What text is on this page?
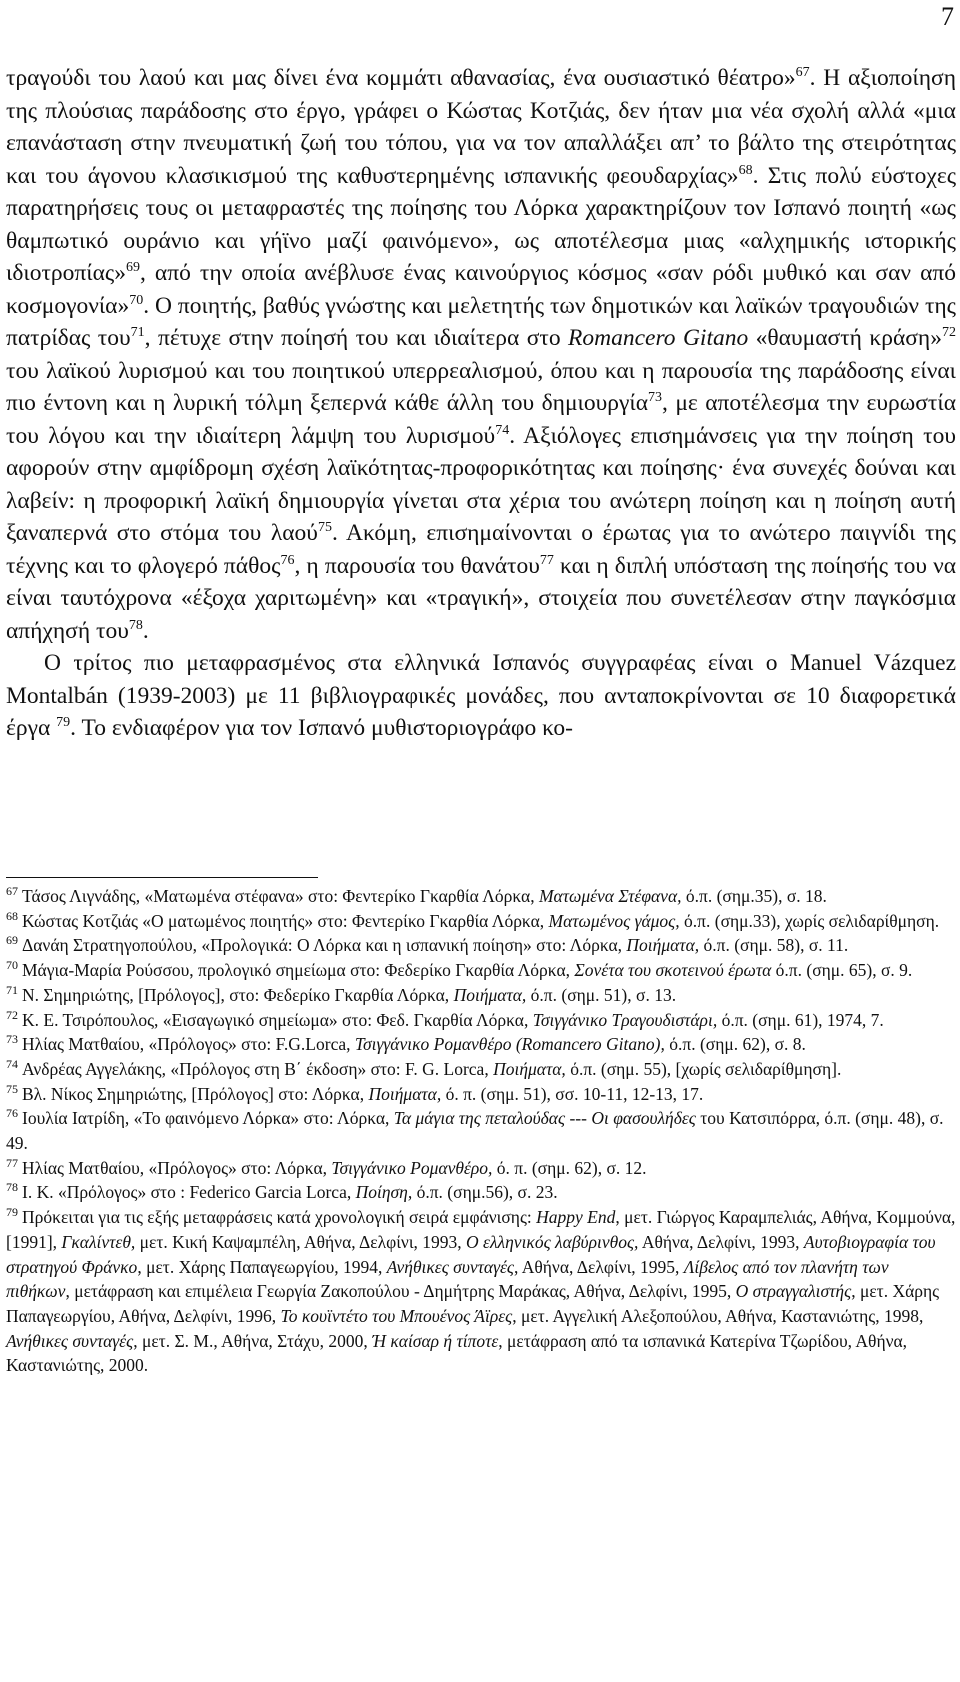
7

τραγούδι του λαού και μας δίνει ένα κομμάτι αθανασίας, ένα ουσιαστικό θέατρο»$^{67}$. Η αξιοποίηση της πλούσιας παράδοσης στο έργο, γράφει ο Κώστας Κοτζιάς, δεν ήταν μια νέα σχολή αλλά «μια επανάσταση στην πνευματική ζωή του τόπου, για να τον απαλλάξει απ’ το βάλτο της στειρότητας και του άγονου κλασικισμού της καθυστερημένης ισπανικής φεουδαρχίας»$^{68}$. Στις πολύ εύστοχες παρατηρήσεις τους οι μεταφραστές της ποίησης του Λόρκα χαρακτηρίζουν τον Ισπανό ποιητή «ως θαμπωτικό ουράνιο και γήϊνο μαζί φαινόμενο», ως αποτέλεσμα μιας «αλχημικής ιστορικής ιδιοτροπίας»$^{69}$, από την οποία ανέβλυσε ένας καινούργιος κόσμος «σαν ρόδι μυθικό και σαν από κοσμογονία»$^{70}$. Ο ποιητής, βαθύς γνώστης και μελετητής των δημοτικών και λαϊκών τραγουδιών της πατρίδας του$^{71}$, πέτυχε στην ποίησή του και ιδιαίτερα στο Romancero Gitano «θαυμαστή κράση»$^{72}$ του λαϊκού λυρισμού και του ποιητικού υπερρεαλισμού, όπου και η παρουσία της παράδοσης είναι πιο έντονη και η λυρική τόλμη ξεπερνά κάθε άλλη του δημιουργία$^{73}$, με αποτέλεσμα την ευρωστία του λόγου και την ιδιαίτερη λάμψη του λυρισμού$^{74}$. Αξιόλογες επισημάνσεις για την ποίηση του αφορούν στην αμφίδρομη σχέση λαϊκότητας-προφορικότητας και ποίησης· ένα συνεχές δούναι και λαβείν: η προφορική λαϊκή δημιουργία γίνεται στα χέρια του ανώτερη ποίηση και η ποίηση αυτή ξαναπερνά στο στόμα του λαού$^{75}$. Ακόμη, επισημαίνονται ο έρωτας για το ανώτερο παιγνίδι της τέχνης και το φλογερό πάθος$^{76}$, η παρουσία του θανάτου$^{77}$ και η διπλή υπόσταση της ποίησής του να είναι ταυτόχρονα «έξοχα χαριτωμένη» και «τραγική», στοιχεία που συνετέλεσαν στην παγκόσμια απήχησή του$^{78}$.

Ο τρίτος πιο μεταφρασμένος στα ελληνικά Ισπανός συγγραφέας είναι ο Manuel Vázquez Montalbán (1939-2003) με 11 βιβλιογραφικές μονάδες, που ανταποκρίνονται σε 10 διαφορετικά έργα $^{79}$. Το ενδιαφέρον για τον Ισπανό μυθιστοριογράφο κο-

$^{67}$ Τάσος Λιγνάδης, «Ματωμένα στέφανα» στο: Φεντερίκο Γκαρθία Λόρκα, Ματωμένα Στέφανα, ό.π. (σημ.35), σ. 18.

$^{68}$ Κώστας Κοτζιάς «Ο ματωμένος ποιητής» στο: Φεντερίκο Γκαρθία Λόρκα, Ματωμένος γάμος, ό.π. (σημ.33), χωρίς σελιδαρίθμηση.

$^{69}$ Δανάη Στρατηγοπούλου, «Προλογικά: Ο Λόρκα και η ισπανική ποίηση» στο: Λόρκα, Ποιήματα, ό.π. (σημ. 58), σ. 11.

$^{70}$ Μάγια-Μαρία Ρούσσου, προλογικό σημείωμα στο: Φεδερίκο Γκαρθία Λόρκα, Σονέτα του σκοτεινού έρωτα ό.π. (σημ. 65), σ. 9.

$^{71}$ Ν. Σημηριώτης, [Πρόλογος], στο: Φεδερίκο Γκαρθία Λόρκα, Ποιήματα, ό.π. (σημ. 51), σ. 13.

$^{72}$ Κ. Ε. Τσιρόπουλος, «Εισαγωγικό σημείωμα» στο: Φεδ. Γκαρθία Λόρκα, Τσιγγάνικο Τραγουδιστάρι, ό.π. (σημ. 61), 1974, 7.

$^{73}$ Ηλίας Ματθαίου, «Πρόλογος» στο: F.G.Lorca, Τσιγγάνικο Ρομανθέρο (Romancero Gitano), ό.π. (σημ. 62), σ. 8.

$^{74}$ Ανδρέας Αγγελάκης, «Πρόλογος στη Β΄ έκδοση» στο: F. G. Lorca, Ποιήματα, ό.π. (σημ. 55), [χωρίς σελιδαρίθμηση].

$^{75}$ Βλ. Νίκος Σημηριώτης, [Πρόλογος] στο: Λόρκα, Ποιήματα, ό. π. (σημ. 51), σσ. 10-11, 12-13, 17.

$^{76}$ Ιουλία Ιατρίδη, «Το φαινόμενο Λόρκα» στο: Λόρκα, Τα μάγια της πεταλούδας --- Οι φασουλήδες του Κατσιπόρρα, ό.π. (σημ. 48), σ. 49.

$^{77}$ Ηλίας Ματθαίου, «Πρόλογος» στο: Λόρκα, Τσιγγάνικο Ρομανθέρο, ό. π. (σημ. 62), σ. 12.

$^{78}$ Ι. Κ. «Πρόλογος» στο : Federico Garcia Lorca, Ποίηση, ό.π. (σημ.56), σ. 23.

$^{79}$ Πρόκειται για τις εξής μεταφράσεις κατά χρονολογική σειρά εμφάνισης: Happy End, μετ. Γιώργος Καραμπελιάς, Αθήνα, Κομμούνα, [1991], Γκαλίντεθ, μετ. Κική Καψαμπέλη, Αθήνα, Δελφίνι, 1993, Ο ελληνικός λαβύρινθος, Αθήνα, Δελφίνι, 1993, Αυτοβιογραφία του στρατηγού Φράνκο, μετ. Χάρης Παπαγεωργίου, 1994, Ανήθικες συνταγές, Αθήνα, Δελφίνι, 1995, Λίβελος από τον πλανήτη των πιθήκων, μετάφραση και επιμέλεια Γεωργία Ζακοπούλου - Δημήτρης Μαράκας, Αθήνα, Δελφίνι, 1995, Ο στραγγαλιστής, μετ. Χάρης Παπαγεωργίου, Αθήνα, Δελφίνι, 1996, Το κουϊντέτο του Μπουένος Άϊρες, μετ. Αγγελική Αλεξοπούλου, Αθήνα, Καστανιώτης, 1998, Ανήθικες συνταγές, μετ. Σ. Μ., Αθήνα, Στάχυ, 2000, Ή καίσαρ ή τίποτε, μετάφραση από τα ισπανικά Κατερίνα Τζωρίδου, Αθήνα, Καστανιώτης, 2000.
